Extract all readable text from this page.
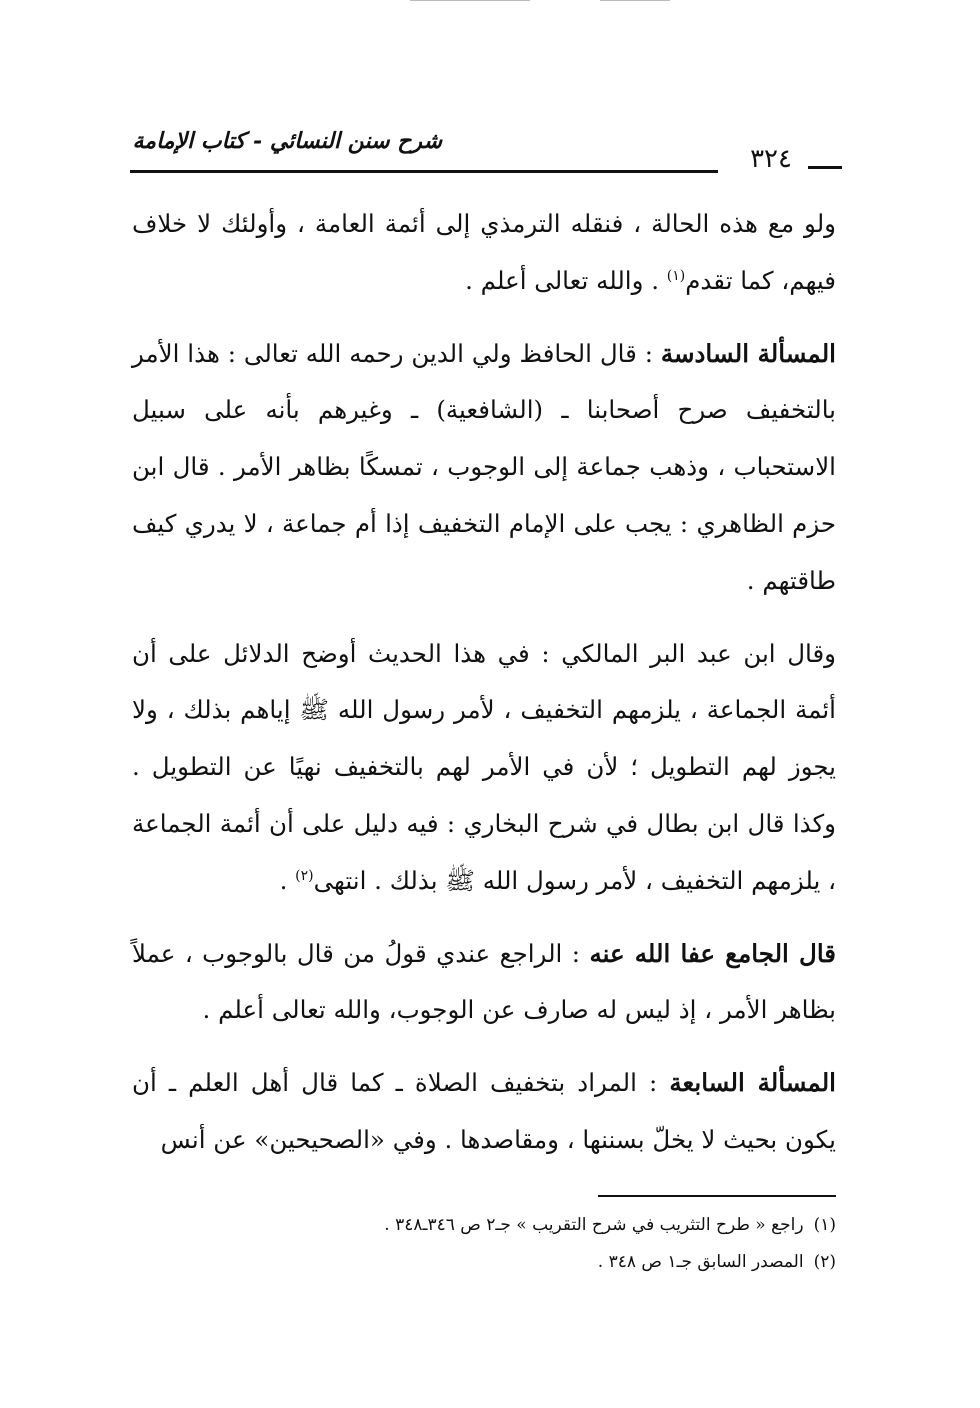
شرح سنن النسائي - كتاب الإمامة
٣٢٤

ولو مع هذه الحالة ، فنقله الترمذي إلى أئمة العامة ، وأولئك لا خلاف فيهم، كما تقدم$^{(١)}$ . والله تعالى أعلم .

المسألة السادسة : قال الحافظ ولي الدين رحمه الله تعالى : هذا الأمر بالتخفيف صرح أصحابنا ـ (الشافعية) ـ وغيرهم بأنه على سبيل الاستحباب ، وذهب جماعة إلى الوجوب ، تمسكًا بظاهر الأمر . قال ابن حزم الظاهري : يجب على الإمام التخفيف إذا أم جماعة ، لا يدري كيف طاقتهم .

وقال ابن عبد البر المالكي : في هذا الحديث أوضح الدلائل على أن أئمة الجماعة ، يلزمهم التخفيف ، لأمر رسول الله ﷺ إياهم بذلك ، ولا يجوز لهم التطويل ؛ لأن في الأمر لهم بالتخفيف نهيًا عن التطويل . وكذا قال ابن بطال في شرح البخاري : فيه دليل على أن أئمة الجماعة ، يلزمهم التخفيف ، لأمر رسول الله ﷺ بذلك . انتهى$^{(٢)}$ .

قال الجامع عفا الله عنه : الراجع عندي قولُ من قال بالوجوب ، عملاً بظاهر الأمر ، إذ ليس له صارف عن الوجوب، والله تعالى أعلم .

المسألة السابعة : المراد بتخفيف الصلاة ـ كما قال أهل العلم ـ أن يكون بحيث لا يخلّ بسننها ، ومقاصدها . وفي «الصحيحين» عن أنس

(١)راجع « طرح التثريب في شرح التقريب » جـ٢ ص ٣٤٦ـ٣٤٨ .

(٢)المصدر السابق جـ١ ص ٣٤٨ .
